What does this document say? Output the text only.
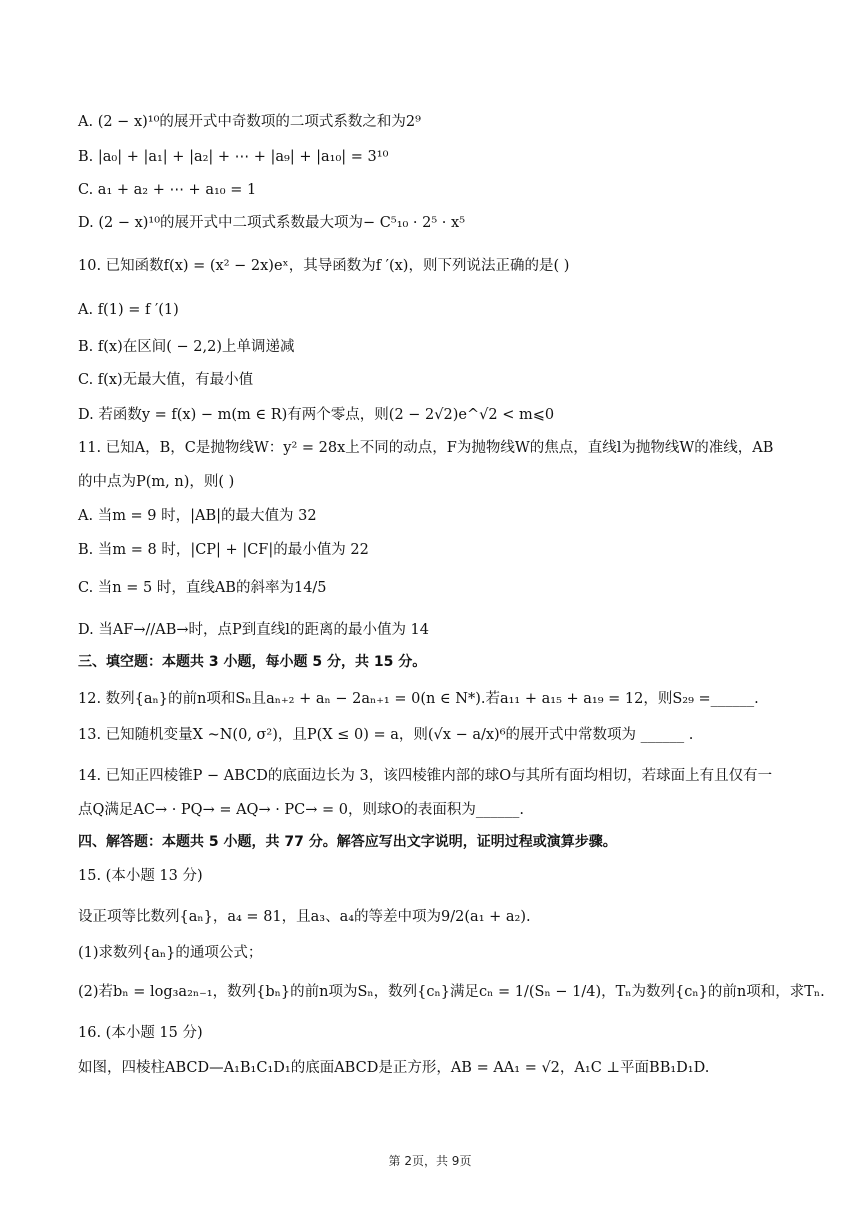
A. (2 − x)¹⁰的展开式中奇数项的二项式系数之和为2⁹
B. |a₀| + |a₁| + |a₂| + ⋯ + |a₉| + |a₁₀| = 3¹⁰
C. a₁ + a₂ + ⋯ + a₁₀ = 1
D. (2 − x)¹⁰的展开式中二项式系数最大项为− C⁵₁₀ · 2⁵ · x⁵
10. 已知函数f(x) = (x² − 2x)eˣ，其导函数为f ′(x)，则下列说法正确的是( )
A. f(1) = f ′(1)
B. f(x)在区间( − 2,2)上单调递减
C. f(x)无最大值，有最小值
D. 若函数y = f(x) − m(m ∈ R)有两个零点，则(2 − 2√2)e^√2 < m⩽0
11. 已知A，B，C是抛物线W：y² = 28x上不同的动点，F为抛物线W的焦点，直线l为抛物线W的准线，AB
的中点为P(m, n)，则( )
A. 当m = 9 时，|AB|的最大值为 32
B. 当m = 8 时，|CP| + |CF|的最小值为 22
C. 当n = 5 时，直线AB的斜率为14/5
D. 当AF→//AB→时，点P到直线l的距离的最小值为 14
三、填空题：本题共 3 小题，每小题 5 分，共 15 分。
12. 数列{aₙ}的前n项和Sₙ且aₙ₊₂ + aₙ − 2aₙ₊₁ = 0(n ∈ N*).若a₁₁ + a₁₅ + a₁₉ = 12，则S₂₉ =______.
13. 已知随机变量X ~N(0, σ²)，且P(X ≤ 0) = a，则(√x − a/x)⁶的展开式中常数项为 ______ .
14. 已知正四棱锥P − ABCD的底面边长为 3，该四棱锥内部的球O与其所有面均相切，若球面上有且仅有一
点Q满足AC→ · PQ→ = AQ→ · PC→ = 0，则球O的表面积为______.
四、解答题：本题共 5 小题，共 77 分。解答应写出文字说明，证明过程或演算步骤。
15. (本小题 13 分)
设正项等比数列{aₙ}，a₄ = 81，且a₃、a₄的等差中项为9/2(a₁ + a₂).
(1)求数列{aₙ}的通项公式；
(2)若bₙ = log₃a₂ₙ₋₁，数列{bₙ}的前n项为Sₙ，数列{cₙ}满足cₙ = 1/(Sₙ − 1/4)，Tₙ为数列{cₙ}的前n项和，求Tₙ.
16. (本小题 15 分)
如图，四棱柱ABCD—A₁B₁C₁D₁的底面ABCD是正方形，AB = AA₁ = √2，A₁C ⊥平面BB₁D₁D.
第 2页，共 9页
